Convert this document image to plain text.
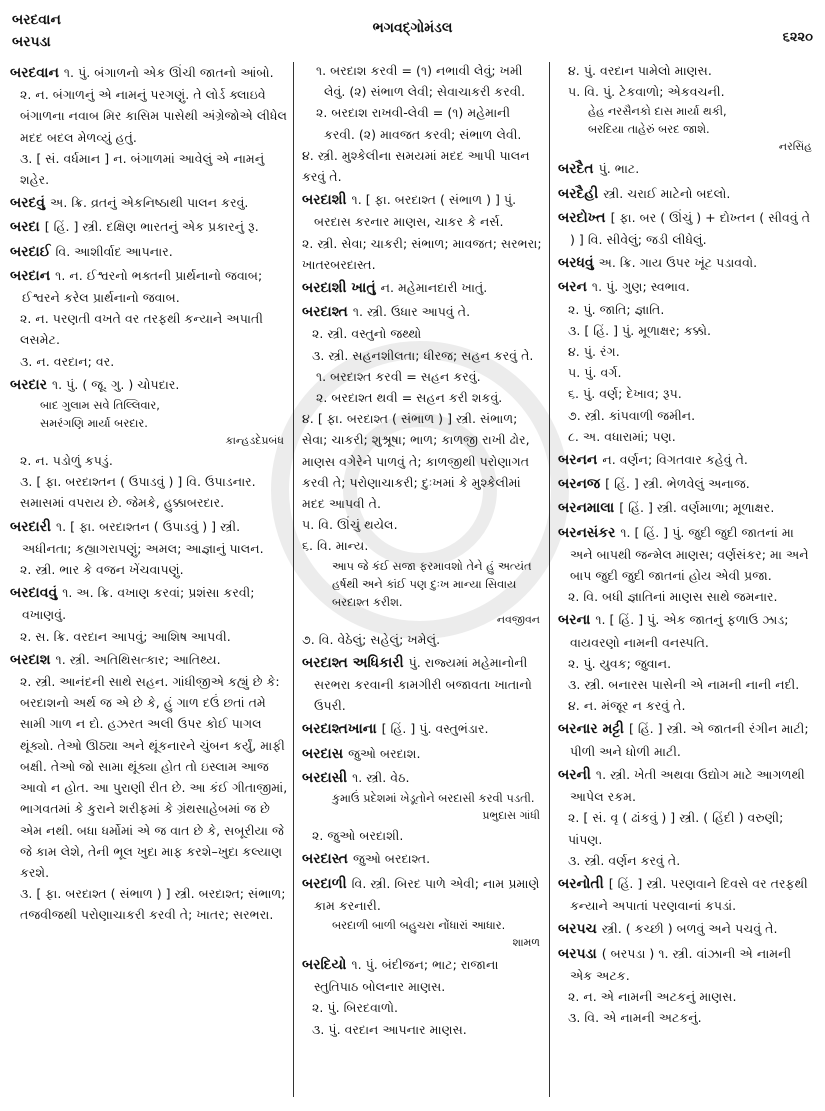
બરદવાન
બરપડા
ભગવદ્ગોમંડલ
૬૨૨૦
બરદવાન ૧. પું. બંગાળનો એક ઊંચી જાતનો આંબો.
૨. ન. બંગાળનું એ નામનું પરગણું. તે લોર્ડ ક્લાઇવે બંગાળના નવાબ મિર કાસિમ પાસેથી અંગ્રેજોએ લીધેલ મદદ બદલ મેળવ્યું હતું.
૩. [ સં. વર્ધમાન ] ન. બંગાળમાં આવેલું એ નામનું શહેર.
બરદવું અ. ક્રિ. વ્રતનું એકનિષ્ઠાથી પાલન કરવું.
બરદા [ હિં. ] સ્ત્રી. દક્ષિણ ભારતનું એક પ્રકારનું રૂ.
બરદાઈ વિ. આશીર્વાદ આપનાર.
બરદાન ૧. ન. ઈશ્વરનો ભક્તની પ્રાર્થનાનો જવાબ; ઈશ્વરને કરેલ પ્રાર્થનાનો જવાબ.
૨. ન. પરણતી વખતે વર તરફથી કન્યાને અપાતી લસમેટ.
૩. ન. વરદાન; વર.
બરદાર ૧. પું. ( જૂ. ગુ. ) ચોપદાર.
બાદ ગુલામ સવે તિલ્લિવાર,
સમરંગણિ માર્યા બરદાર.
કાન્હડદેપ્રબંધ
૨. ન. પડોળું કપડું.
૩. [ ફા. બરદાશ્તન ( ઉપાડવું ) ] વિ. ઉપાડનાર. સમાસમાં વપરાય છે. જેમકે, હુક્કાબરદાર.
બરદારી ૧. [ ફા. બરદાશ્તન ( ઉપાડવું ) ] સ્ત્રી. અધીનતા; કહ્યાગરાપણું; અમલ; આજ્ઞાનું પાલન.
૨. સ્ત્રી. ભાર કે વજન ખેંચવાપણું.
બરદાવવું ૧. અ. ક્રિ. વખાણ કરવાં; પ્રશંસા કરવી; વખાણવું.
૨. સ. ક્રિ. વરદાન આપવું; આશિષ આપવી.
બરદાશ ૧. સ્ત્રી. અતિથિસત્કાર; આતિથ્ય.
૨. સ્ત્રી. આનંદની સાથે સહન. ગાંધીજીએ કહ્યું છે કે: બરદાશનો અર્થ જ એ છે કે, હું ગાળ દઉં છતાં તમે સામી ગાળ ન દો. હઝરત અલી ઉપર કોઈ પાગલ થૂંક્યો. તેઓ ઊઠ્યા અને થૂંકનારને ચુંબન કર્યું, માફી બક્ષી. તેઓ જો સામા થૂંક્યા હોત તો ઇસ્લામ આજ આવો ન હોત. આ પુરાણી રીત છે. આ કંઈ ગીતાજીમાં, ભાગવતમાં કે કુરાને શરીફમાં કે ગ્રંથસાહેબમાં જ છે એમ નથી. બધા ધર્મોમાં એ જ વાત છે કે, સબૂરીયા જે જે કામ લેશે, તેની ભૂલ ખુદા માફ કરશે–ખુદા કલ્યાણ કરશે.
૩. [ ફા. બરદાશ્ત ( સંભાળ ) ] સ્ત્રી. બરદાશ્ત; સંભાળ; તજવીજથી પરોણાચાકરી કરવી તે; ખાતર; સરભરા.
૧. બરદાશ કરવી = (૧) નભાવી લેવું; ખમી લેવું. (૨) સંભાળ લેવી; સેવાચાકરી કરવી.
૨. બરદાશ રાખવી-લેવી = (૧) મહેમાની કરવી. (૨) માવજત કરવી; સંભાળ લેવી.
૪. સ્ત્રી. મુશ્કેલીના સમયમાં મદદ આપી પાલન કરવું તે.
બરદાશી ૧. [ ફા. બરદાશ્ત ( સંભાળ ) ] પું. બરદાસ કરનાર માણસ, ચાકર કે નર્સ.
૨. સ્ત્રી. સેવા; ચાકરી; સંભાળ; માવજત; સરભરા; ખાતરબરદાસ્ત.
બરદાશી ખાતું ન. મહેમાનદારી ખાતું.
બરદાશ્ત ૧. સ્ત્રી. ઉધાર આપવું તે.
૨. સ્ત્રી. વસ્તુનો જથ્થો
૩. સ્ત્રી. સહનશીલતા; ધીરજ; સહન કરવું તે.
૧. બરદાશ્ત કરવી = સહન કરવું.
૨. બરદાશ્ત થવી = સહન કરી શકવું.
૪. [ ફા. બરદાશ્ત ( સંભાળ ) ] સ્ત્રી. સંભાળ; સેવા; ચાકરી; શુશ્રૂષા; ભાળ; કાળજી રાખી ઢોર, માણસ વગેરેને પાળવું તે; કાળજીથી પરોણાગત કરવી તે; પરોણાચાકરી; દુઃખમાં કે મુશ્કેલીમાં મદદ આપવી તે.
૫. વિ. ઊંચું થયેલ.
૬. વિ. માન્ય.
આપ જે કંઈ સજા ફરમાવશો તેને હું અત્યંત હર્ષથી અને કાંઈ પણ દુઃખ માન્યા સિવાય બરદાશ્ત કરીશ.
નવજીવન
૭. વિ. વેઠેલું; સહેલું; ખમેલું.
બરદાશ્ત અધિકારી પું. રાજ્યમાં મહેમાનોની સરભરા કરવાની કામગીરી બજાવતા ખાતાનો ઉપરી.
બરદાશ્તખાના [ હિં. ] પું. વસ્તુભંડાર.
બરદાસ જુઓ બરદાશ.
બરદાસી ૧. સ્ત્રી. વેઠ.
કુમાઉં પ્રદેશમાં ખેડૂતોને બરદાસી કરવી પડતી.
પ્રભુદાસ ગાંધી
૨. જુઓ બરદાશી.
બરદાસ્ત જુઓ બરદાશ્ત.
બરદાળી વિ. સ્ત્રી. બિરદ પાળે એવી; નામ પ્રમાણે કામ કરનારી.
બરદાળી બાળી બહુચરા નોંધારાં આધાર.
શામળ
બરદિયો ૧. પું. બંદીજન; ભાટ; રાજાના સ્તુતિપાઠ બોલનાર માણસ.
૨. પું. બિરદવાળો.
૩. પું. વરદાન આપનાર માણસ.
૪. પું. વરદાન પામેલો માણસ.
૫. વિ. પું. ટેકવાળો; એકવચની.
હેહ નરસૈનકો દાસ માર્યા થકી,
બરદિયા તાહેરું બરદ જાશે.
નરસિંહ
બરદૈત પું. ભાટ.
બરદૈહી સ્ત્રી. ચરાઈ માટેનો બદલો.
બરદોખ્ત [ ફા. બર ( ઊંચું ) + દોખ્તન ( સીવવું તે ) ] વિ. સીવેલું; જડી લીધેલું.
બરધવું અ. ક્રિ. ગાય ઉપર ખૂંટ પડાવવો.
બરન ૧. પું. ગુણ; સ્વભાવ.
૨. પું. જાતિ; જ્ઞાતિ.
૩. [ હિં. ] પું. મૂળાક્ષર; કક્કો.
૪. પું. રંગ.
૫. પું. વર્ગ.
૬. પું. વર્ણ; દેખાવ; રૂપ.
૭. સ્ત્રી. કાંપવાળી જમીન.
૮. અ. વધારામાં; પણ.
બરનન ન. વર્ણન; વિગતવાર કહેવું તે.
બરનજ [ હિં. ] સ્ત્રી. ભેળવેલું અનાજ.
બરનમાલા [ હિં. ] સ્ત્રી. વર્ણમાળા; મૂળાક્ષર.
બરનસંકર ૧. [ હિં. ] પું. જુદી જુદી જાતનાં મા અને બાપથી જન્મેલ માણસ; વર્ણસંકર; મા અને બાપ જુદી જુદી જાતનાં હોય એવી પ્રજા.
૨. વિ. બધી જ્ઞાતિનાં માણસ સાથે જમનાર.
બરના ૧. [ હિં. ] પું. એક જાતનું ફળાઉ ઝાડ; વાયવરણો નામની વનસ્પતિ.
૨. પું. યુવક; જુવાન.
૩. સ્ત્રી. બનારસ પાસેની એ નામની નાની નદી.
૪. ન. મંજૂર ન કરવું તે.
બરનાર મટ્ટી [ હિં. ] સ્ત્રી. એ જાતની રંગીન માટી; પીળી અને ધોળી માટી.
બરની ૧. સ્ત્રી. ખેતી અથવા ઉદ્યોગ માટે આગળથી આપેલ રકમ.
૨. [ સં. વૃ ( ઢાંકવું ) ] સ્ત્રી. ( હિંદી ) વરુણી; પાંપણ.
૩. સ્ત્રી. વર્ણન કરવું તે.
બરનોતી [ હિં. ] સ્ત્રી. પરણવાને દિવસે વર તરફથી કન્યાને અપાતાં પરણવાનાં કપડાં.
બરપચ સ્ત્રી. ( કચ્છી ) બળવું અને પચવું તે.
બરપડા ( બરપડા ) ૧. સ્ત્રી. વાંઝાની એ નામની એક અટક.
૨. ન. એ નામની અટકનું માણસ.
૩. વિ. એ નામની અટકનું.
